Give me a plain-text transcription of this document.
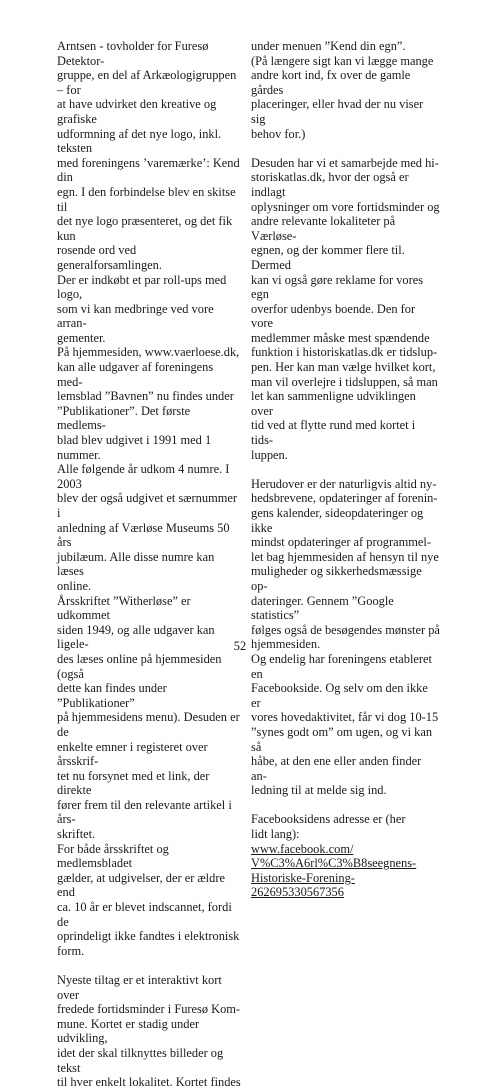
Arntsen - tovholder for Furesø Detektor-
gruppe, en del af Arkæologigruppen – for
at have udvirket den kreative og grafiske
udformning af det nye logo, inkl. teksten
med foreningens ’varemærke’: Kend din
egn. I den forbindelse blev en skitse til
det nye logo præsenteret, og det fik kun
rosende ord ved generalforsamlingen.
Der er indkøbt et par roll-ups med logo,
som vi kan medbringe ved vore arran-
gementer.

På hjemmesiden, www.vaerloese.dk,
kan alle udgaver af foreningens med-
lemsblad ”Bavnen” nu findes under
”Publikationer”. Det første medlems-
blad blev udgivet i 1991 med 1 nummer.
Alle følgende år udkom 4 numre. I 2003
blev der også udgivet et særnummer i
anledning af Værløse Museums 50 års
jubilæum. Alle disse numre kan læses
online.

Årsskriftet ”Witherløse” er udkommet
siden 1949, og alle udgaver kan ligele-
des læses online på hjemmesiden (også
dette kan findes under ”Publikationer”
på hjemmesidens menu). Desuden er de
enkelte emner i registeret over årsskrif-
tet nu forsynet med et link, der direkte
fører frem til den relevante artikel i års-
skriftet.

For både årsskriftet og medlemsbladet
gælder, at udgivelser, der er ældre end
ca. 10 år er blevet indscannet, fordi de
oprindeligt ikke fandtes i elektronisk
form.

Nyeste tiltag er et interaktivt kort over
fredede fortidsminder i Furesø Kom-
mune. Kortet er stadig under udvikling,
idet der skal tilknyttes billeder og tekst
til hver enkelt lokalitet. Kortet findes

under menuen ”Kend din egn”.
(På længere sigt kan vi lægge mange
andre kort ind, fx over de gamle gårdes
placeringer, eller hvad der nu viser sig
behov for.)

Desuden har vi et samarbejde med hi-
storiskatlas.dk, hvor der også er indlagt
oplysninger om vore fortidsminder og
andre relevante lokaliteter på Værløse-
egnen, og der kommer flere til. Dermed
kan vi også gøre reklame for vores egn
overfor udenbys boende. Den for vore
medlemmer måske mest spændende
funktion i historiskatlas.dk er tidslup-
pen. Her kan man vælge hvilket kort,
man vil overlejre i tidsluppen, så man
let kan sammenligne udviklingen over
tid ved at flytte rund med kortet i tids-
luppen.

Herudover er der naturligvis altid ny-
hedsbrevene, opdateringer af forenin-
gens kalender, sideopdateringer og ikke
mindst opdateringer af programmel-
let bag hjemmesiden af hensyn til nye
muligheder og sikkerhedsmæssige op-
dateringer. Gennem ”Google statistics”
følges også de besøgendes mønster på
hjemmesiden.

Og endelig har foreningens etableret en
Facebookside. Og selv om den ikke er
vores hovedaktivitet, får vi dog 10-15
”synes godt om” om ugen, og vi kan så
håbe, at den ene eller anden finder an-
ledning til at melde sig ind.

Facebooksidens adresse er (her
lidt lang):

www.facebook.com/
V%C3%A6rl%C3%B8seegnens-
Historiske-Forening-262695330567356

52
